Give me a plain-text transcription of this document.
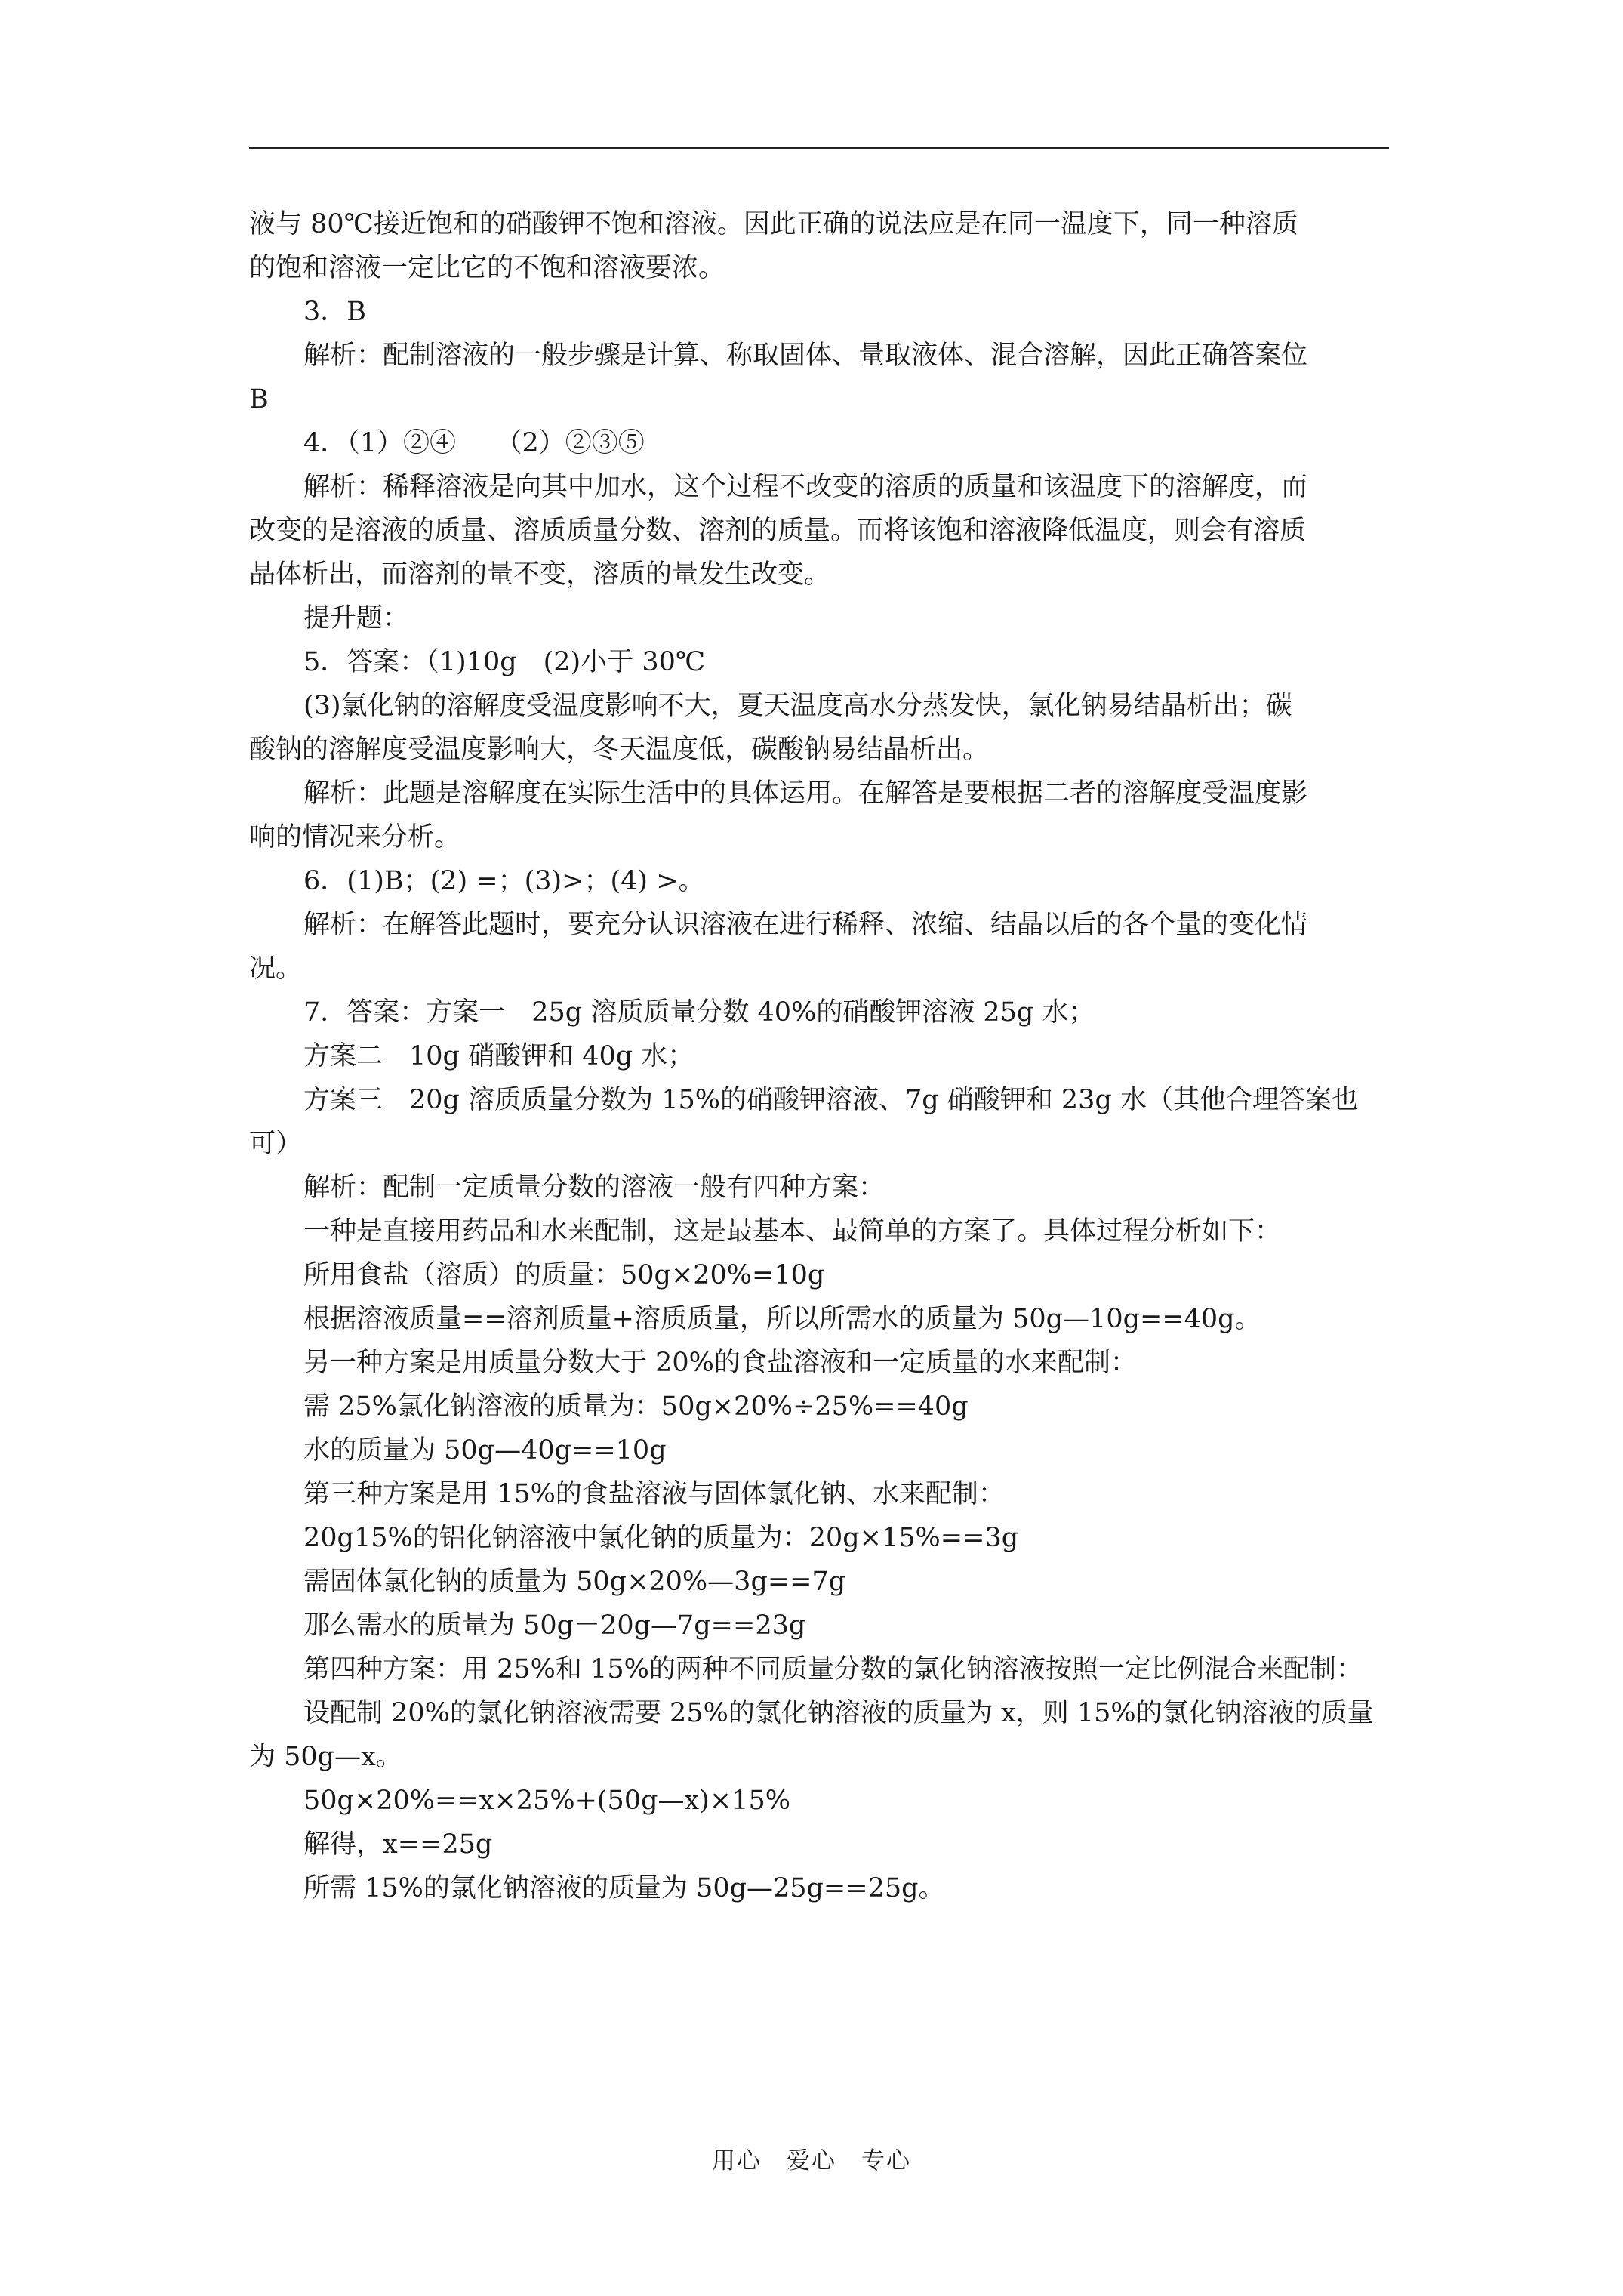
液与 80℃接近饱和的硝酸钾不饱和溶液。因此正确的说法应是在同一温度下，同一种溶质
的饱和溶液一定比它的不饱和溶液要浓。
3．B
解析：配制溶液的一般步骤是计算、称取固体、量取液体、混合溶解，因此正确答案位
B
4．（1）②④　　（2）②③⑤
解析：稀释溶液是向其中加水，这个过程不改变的溶质的质量和该温度下的溶解度，而
改变的是溶液的质量、溶质质量分数、溶剂的质量。而将该饱和溶液降低温度，则会有溶质
晶体析出，而溶剂的量不变，溶质的量发生改变。
提升题：
5．答案：（1)10g　(2)小于 30℃
(3)氯化钠的溶解度受温度影响不大，夏天温度高水分蒸发快，氯化钠易结晶析出；碳
酸钠的溶解度受温度影响大，冬天温度低，碳酸钠易结晶析出。
解析：此题是溶解度在实际生活中的具体运用。在解答是要根据二者的溶解度受温度影
响的情况来分析。
6．(1)B；(2) =；(3)>；(4) >。
解析：在解答此题时，要充分认识溶液在进行稀释、浓缩、结晶以后的各个量的变化情
况。
7．答案：方案一　25g 溶质质量分数 40%的硝酸钾溶液 25g 水；
方案二　10g 硝酸钾和 40g 水；
方案三　20g 溶质质量分数为 15%的硝酸钾溶液、7g 硝酸钾和 23g 水（其他合理答案也
可）
解析：配制一定质量分数的溶液一般有四种方案：
一种是直接用药品和水来配制，这是最基本、最简单的方案了。具体过程分析如下：
所用食盐（溶质）的质量：50g×20%=10g
根据溶液质量==溶剂质量+溶质质量，所以所需水的质量为 50g—10g==40g。
另一种方案是用质量分数大于 20%的食盐溶液和一定质量的水来配制：
需 25%氯化钠溶液的质量为：50g×20%÷25%==40g
水的质量为 50g—40g==10g
第三种方案是用 15%的食盐溶液与固体氯化钠、水来配制：
20g15%的铝化钠溶液中氯化钠的质量为：20g×15%==3g
需固体氯化钠的质量为 50g×20%—3g==7g
那么需水的质量为 50g－20g—7g==23g
第四种方案：用 25%和 15%的两种不同质量分数的氯化钠溶液按照一定比例混合来配制：
设配制 20%的氯化钠溶液需要 25%的氯化钠溶液的质量为 x，则 15%的氯化钠溶液的质量
为 50g—x。
50g×20%==x×25%+(50g—x)×15%
解得，x==25g
所需 15%的氯化钠溶液的质量为 50g—25g==25g。
用心　爱心　专心
